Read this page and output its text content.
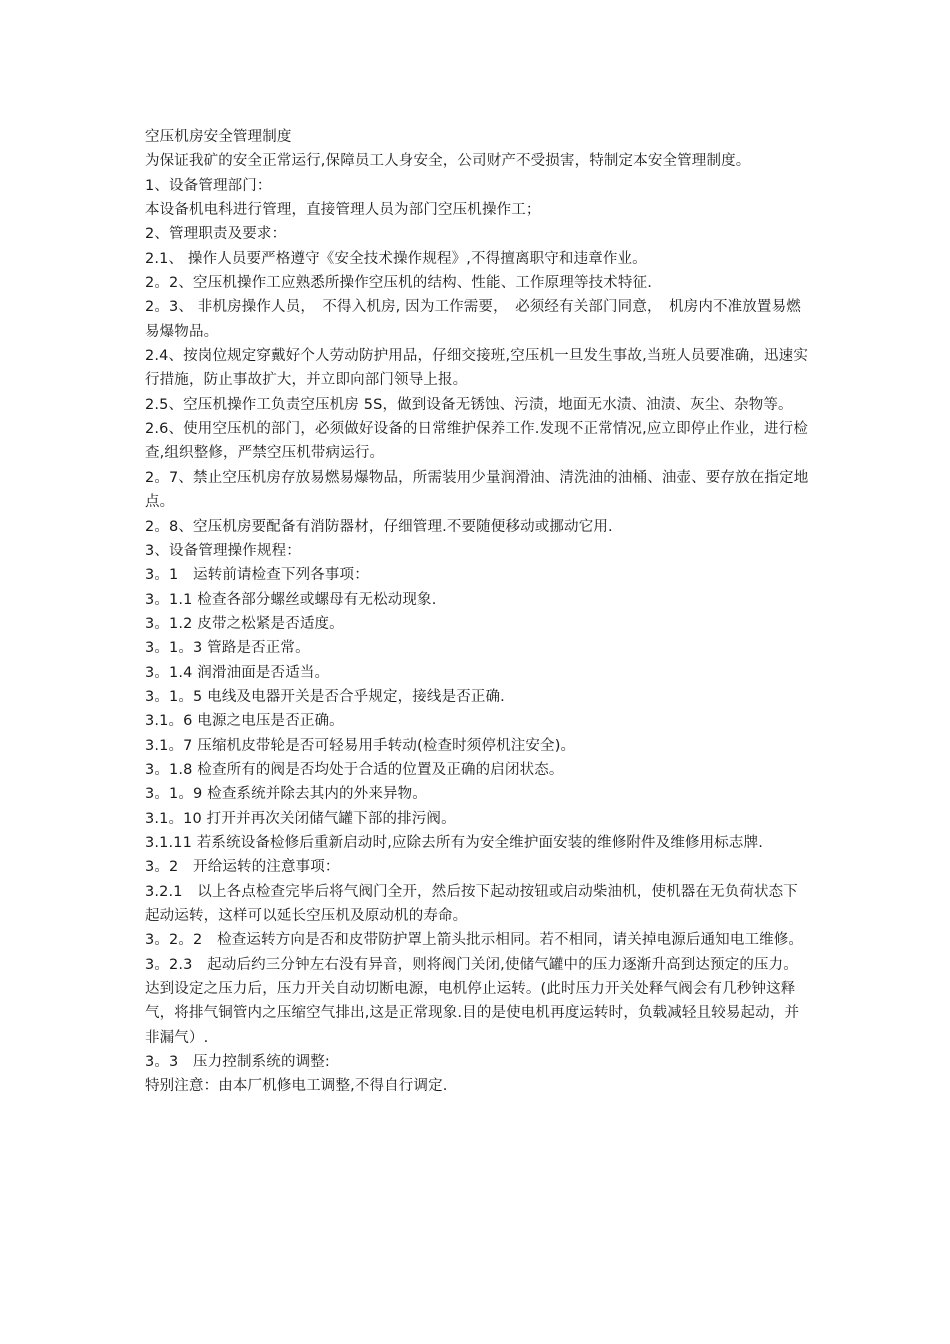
空压机房安全管理制度

为保证我矿的安全正常运行,保障员工人身安全，公司财产不受损害，特制定本安全管理制度。

1、设备管理部门：

本设备机电科进行管理，直接管理人员为部门空压机操作工；

2、管理职责及要求：

2.1、 操作人员要严格遵守《安全技术操作规程》,不得擅离职守和违章作业。

2。2、空压机操作工应熟悉所操作空压机的结构、性能、工作原理等技术特征.

2。3、 非机房操作人员，　不得入机房, 因为工作需要，　必须经有关部门同意，　机房内不准放置易燃易爆物品。

2.4、按岗位规定穿戴好个人劳动防护用品，仔细交接班,空压机一旦发生事故,当班人员要准确，迅速实行措施，防止事故扩大，并立即向部门领导上报。

2.5、空压机操作工负责空压机房 5S，做到设备无锈蚀、污渍，地面无水渍、油渍、灰尘、杂物等。

2.6、使用空压机的部门，必须做好设备的日常维护保养工作.发现不正常情况,应立即停止作业，进行检查,组织整修，严禁空压机带病运行。

2。7、禁止空压机房存放易燃易爆物品，所需装用少量润滑油、清洗油的油桶、油壶、要存放在指定地点。

2。8、空压机房要配备有消防器材，仔细管理.不要随便移动或挪动它用.

3、设备管理操作规程：

3。1　运转前请检查下列各事项：

3。1.1 检查各部分螺丝或螺母有无松动现象.

3。1.2 皮带之松紧是否适度。

3。1。3 管路是否正常。

3。1.4 润滑油面是否适当。

3。1。5 电线及电器开关是否合乎规定，接线是否正确.

3.1。6 电源之电压是否正确。

3.1。7 压缩机皮带轮是否可轻易用手转动(检查时须停机注安全)。

3。1.8 检查所有的阀是否均处于合适的位置及正确的启闭状态。

3。1。9 检查系统并除去其内的外来异物。

3.1。10 打开并再次关闭储气罐下部的排污阀。

3.1.11 若系统设备检修后重新启动时,应除去所有为安全维护面安装的维修附件及维修用标志牌.

3。2　开给运转的注意事项：

3.2.1　以上各点检查完毕后将气阀门全开，然后按下起动按钮或启动柴油机，使机器在无负荷状态下起动运转，这样可以延长空压机及原动机的寿命。

3。2。2　检查运转方向是否和皮带防护罩上箭头批示相同。若不相同，请关掉电源后通知电工维修。

3。2.3　起动后约三分钟左右没有异音，则将阀门关闭,使储气罐中的压力逐渐升高到达预定的压力。达到设定之压力后，压力开关自动切断电源，电机停止运转。(此时压力开关处释气阀会有几秒钟这释气，将排气铜管内之压缩空气排出,这是正常现象.目的是使电机再度运转时，负载减轻且较易起动，并非漏气）.

3。3　压力控制系统的调整:

特别注意：由本厂机修电工调整,不得自行调定.
